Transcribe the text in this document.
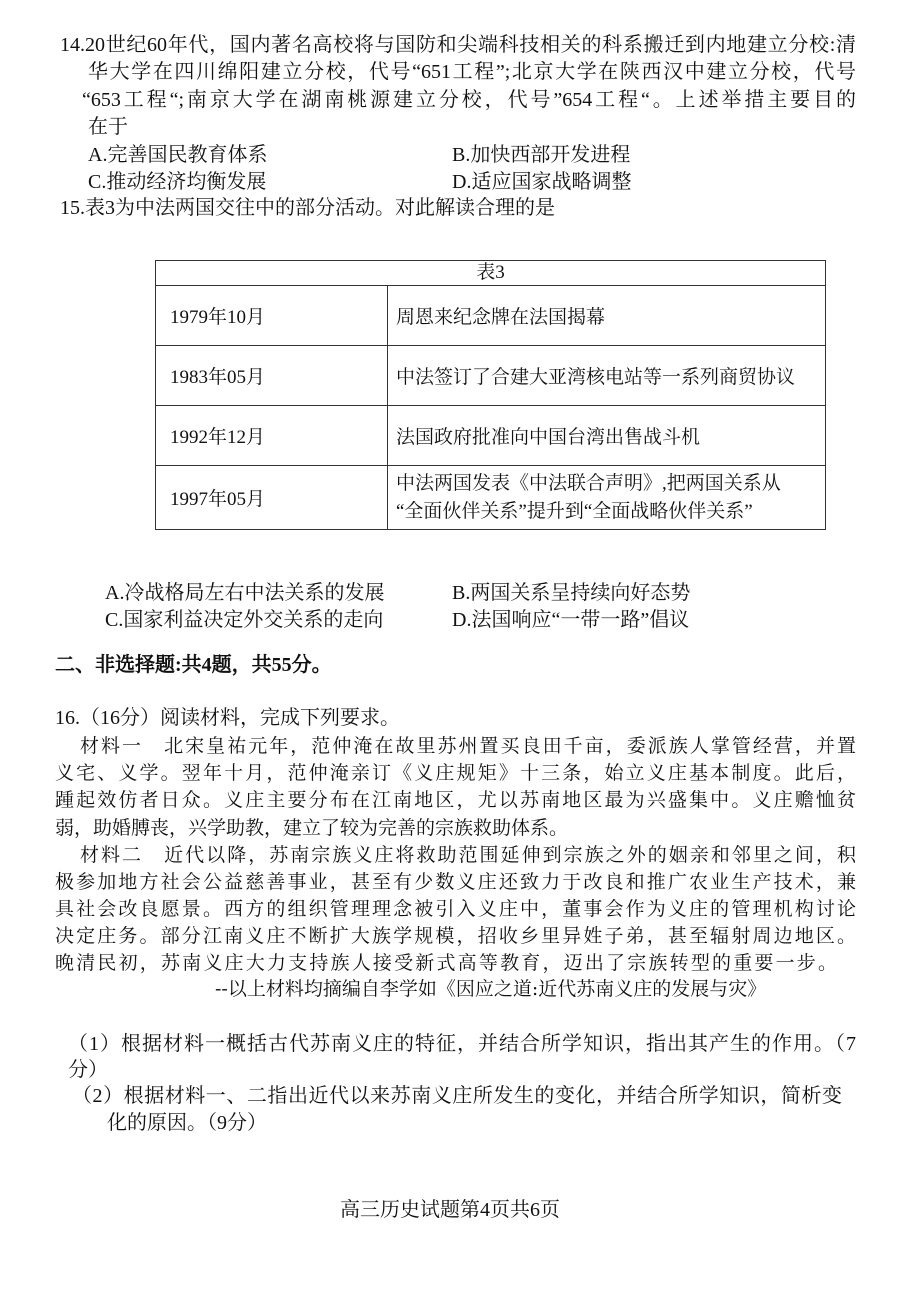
14.20世纪60年代，国内著名高校将与国防和尖端科技相关的科系搬迁到内地建立分校:清
华大学在四川绵阳建立分校，代号“651工程”;北京大学在陕西汉中建立分校，代号
“653工程“;南京大学在湖南桃源建立分校，代号”654工程“。上述举措主要目的
在于
A.完善国民教育体系	B.加快西部开发进程
C.推动经济均衡发展	D.适应国家战略调整
15.表3为中法两国交往中的部分活动。对此解读合理的是
表3	
1979年10月	周恩来纪念牌在法国揭幕
1983年05月	中法签订了合建大亚湾核电站等一系列商贸协议
1992年12月	法国政府批准向中国台湾出售战斗机
1997年05月	中法两国发表《中法联合声明》,把两国关系从
“全面伙伴关系”提升到“全面战略伙伴关系”
A.冷战格局左右中法关系的发展	B.两国关系呈持续向好态势
C.国家利益决定外交关系的走向	D.法国响应“一带一路”倡议
二、非选择题:共4题，共55分。
16.（16分）阅读材料，完成下列要求。
材料一　北宋皇祐元年，范仲淹在故里苏州置买良田千亩，委派族人掌管经营，并置
义宅、义学。翌年十月，范仲淹亲订《义庄规矩》十三条，始立义庄基本制度。此后，
踵起效仿者日众。义庄主要分布在江南地区，尤以苏南地区最为兴盛集中。义庄赡恤贫
弱，助婚膊丧，兴学助教，建立了较为完善的宗族救助体系。
材料二　近代以降，苏南宗族义庄将救助范围延伸到宗族之外的姻亲和邻里之间，积
极参加地方社会公益慈善事业，甚至有少数义庄还致力于改良和推广农业生产技术，兼
具社会改良愿景。西方的组织管理理念被引入义庄中，董事会作为义庄的管理机构讨论
决定庄务。部分江南义庄不断扩大族学规模，招收乡里异姓子弟，甚至辐射周边地区。
晚清民初，苏南义庄大力支持族人接受新式高等教育，迈出了宗族转型的重要一步。
--以上材料均摘编自李学如《因应之道:近代苏南义庄的发展与灾》
（1）根据材料一概括古代苏南义庄的特征，并结合所学知识，指出其产生的作用。（7
分）
（2）根据材料一、二指出近代以来苏南义庄所发生的变化，并结合所学知识，简析变
化的原因。（9分）
高三历史试题第4页共6页
